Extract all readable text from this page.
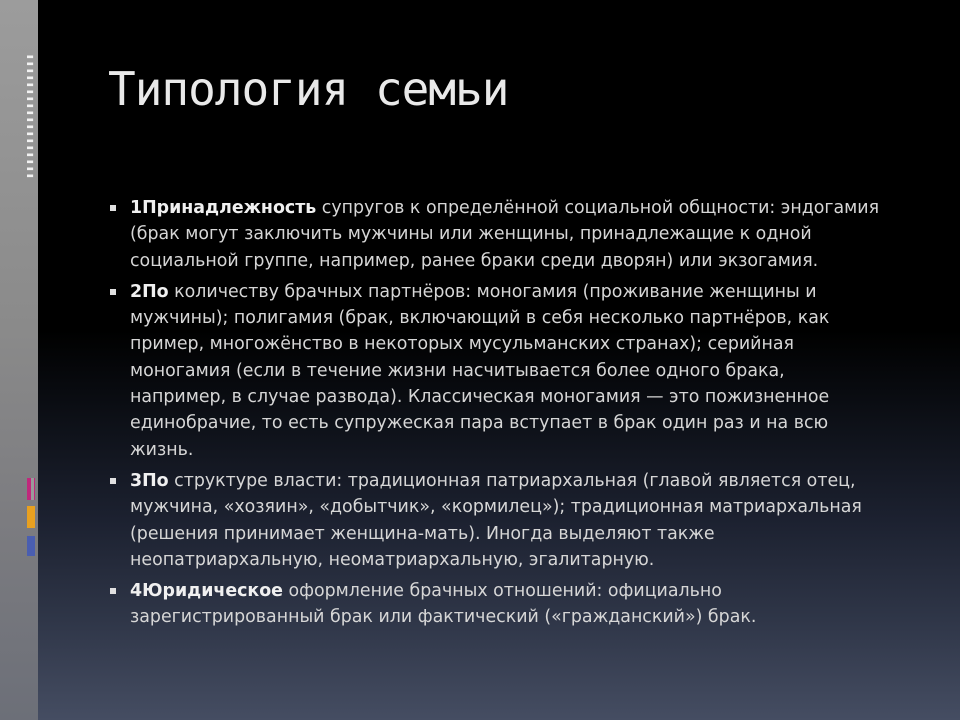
Типология семьи
1Принадлежность супругов к определённой социальной общности: эндогамия (брак могут заключить мужчины или женщины, принадлежащие к одной социальной группе, например, ранее браки среди дворян) или экзогамия.
2По количеству брачных партнёров: моногамия (проживание женщины и мужчины); полигамия (брак, включающий в себя несколько партнёров, как пример, многожёнство в некоторых мусульманских странах); серийная моногамия (если в течение жизни насчитывается более одного брака, например, в случае развода). Классическая моногамия — это пожизненное единобрачие, то есть супружеская пара вступает в брак один раз и на всю жизнь.
3По структуре власти: традиционная патриархальная (главой является отец, мужчина, «хозяин», «добытчик», «кормилец»); традиционная матриархальная (решения принимает женщина-мать). Иногда выделяют также неопатриархальную, неоматриархальную, эгалитарную.
4Юридическое оформление брачных отношений: официально зарегистрированный брак или фактический («гражданский») брак.
